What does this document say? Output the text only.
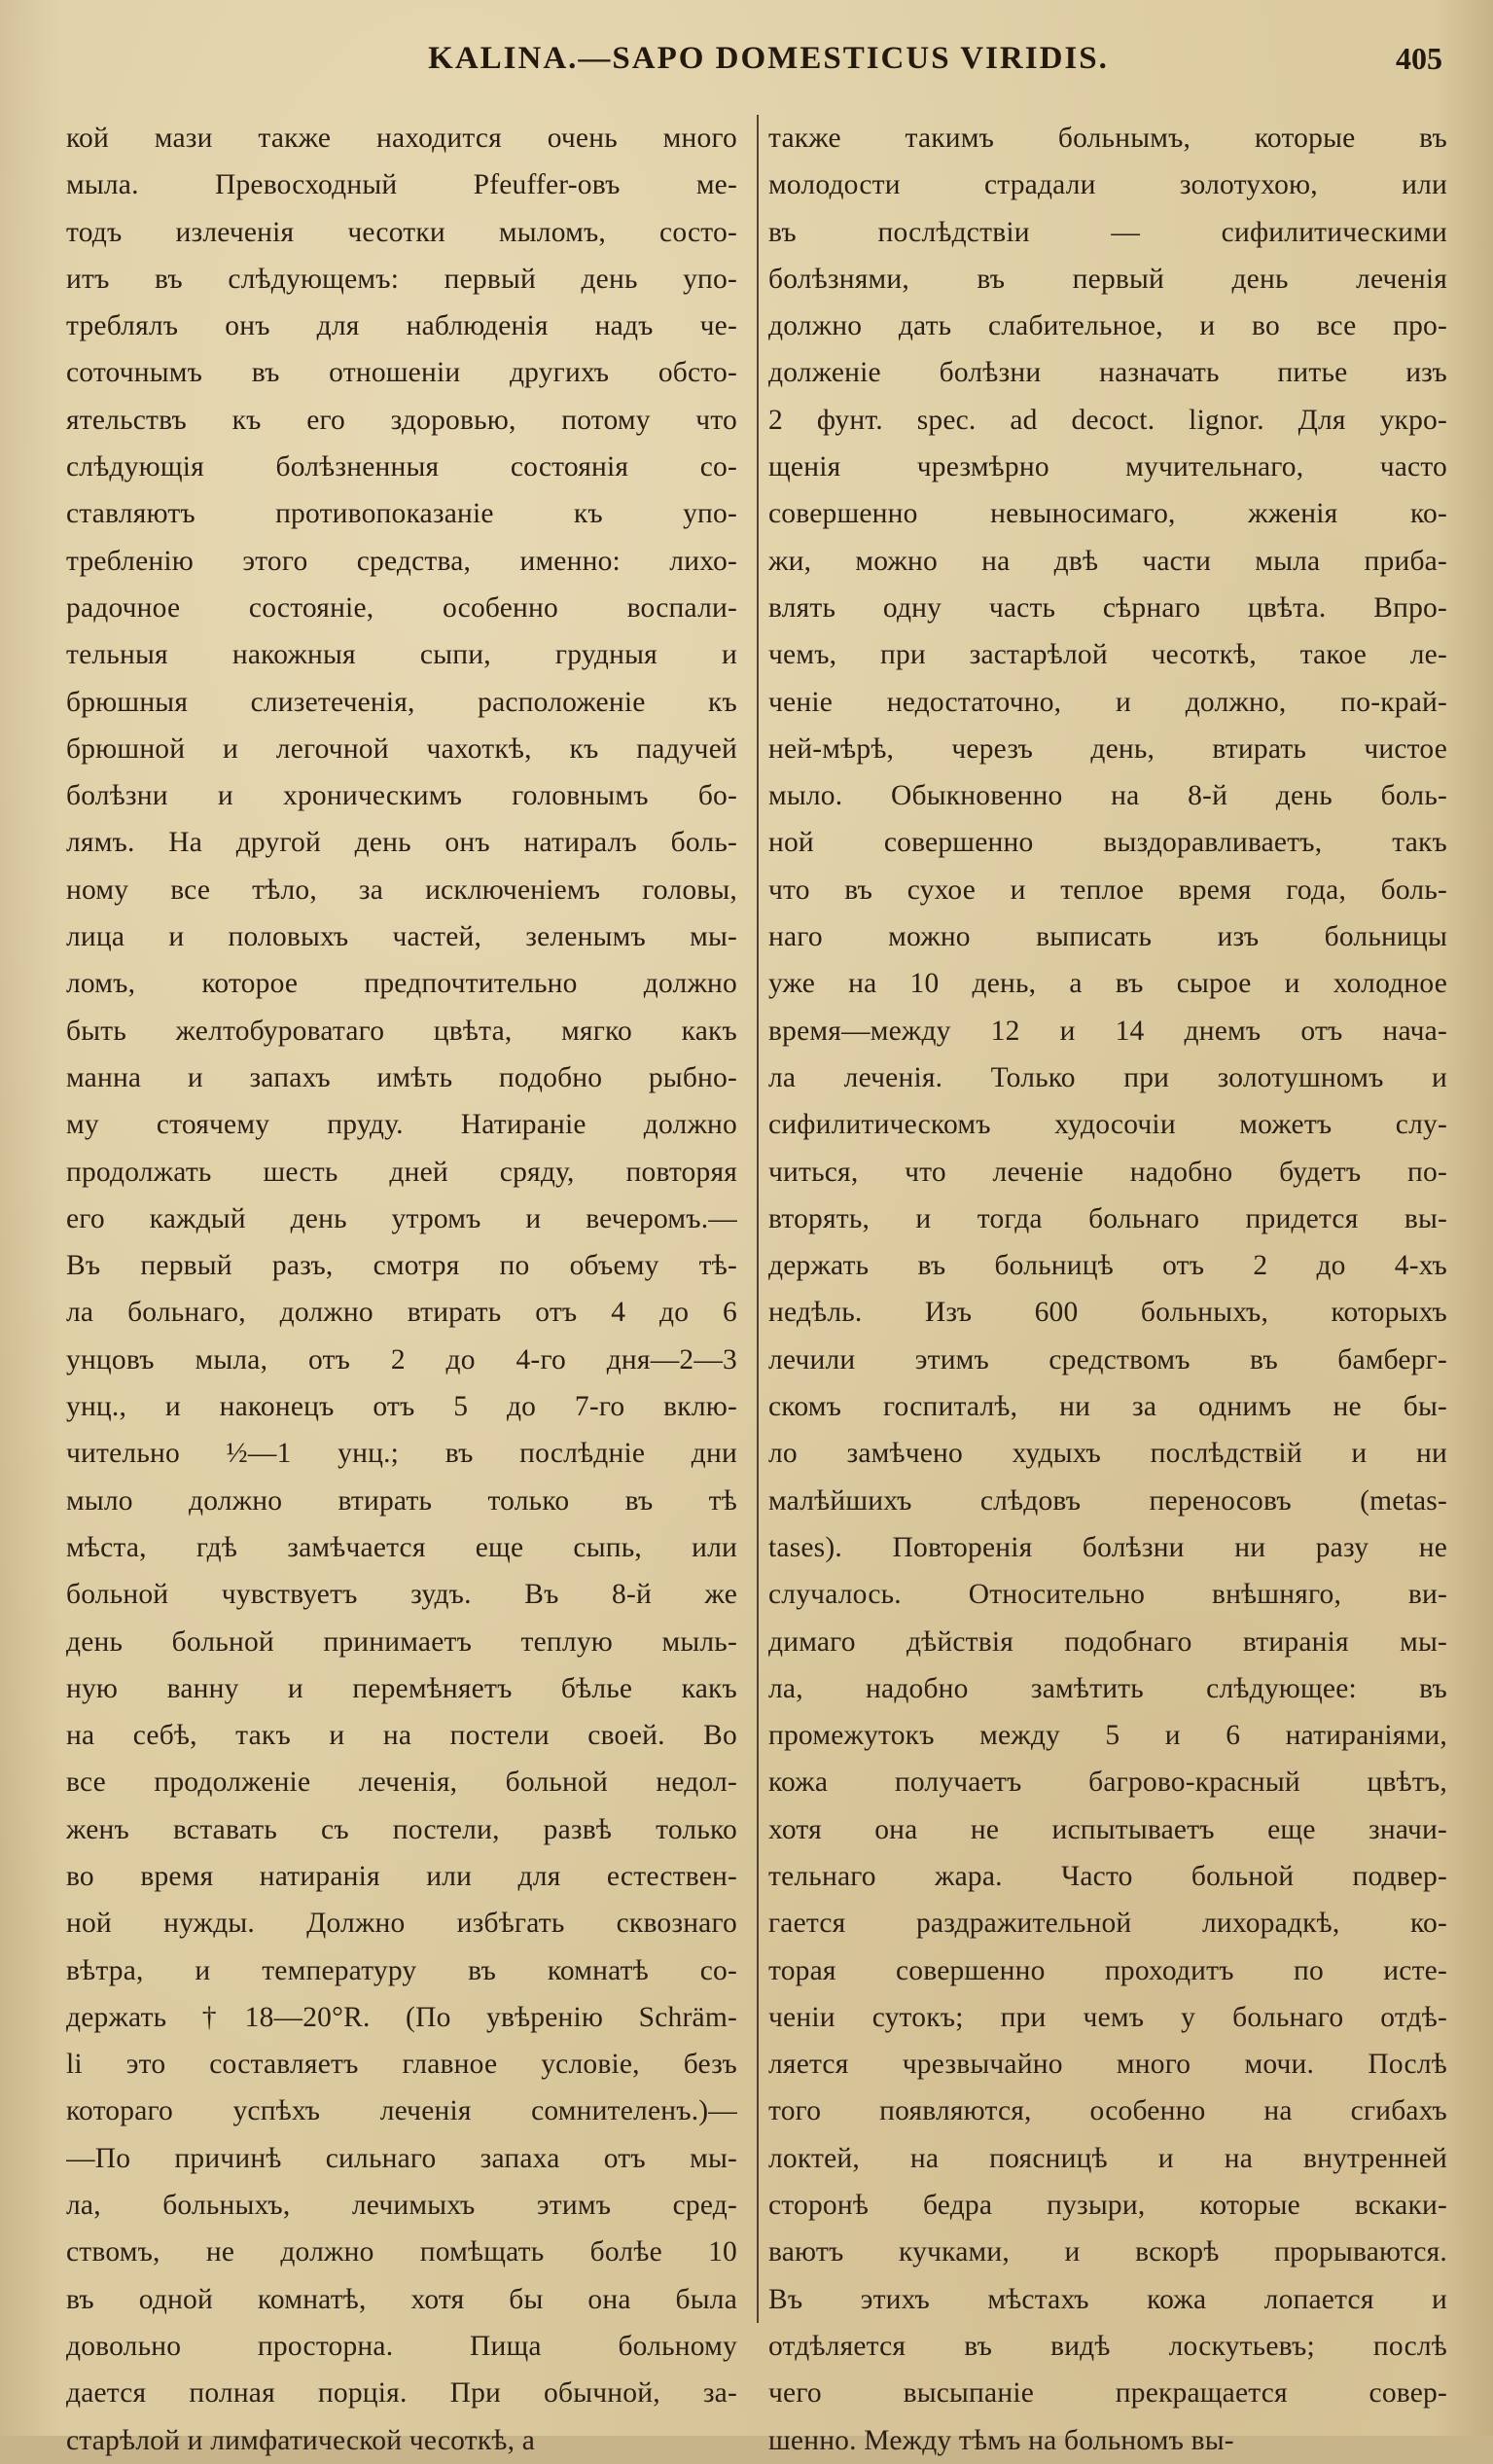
KALINA.—SAPO DOMESTICUS VIRIDIS.	405
кой мази также находится очень много
мыла. Превосходный Pfeuffer-овъ ме-
тодъ излеченія чесотки мыломъ, состо-
итъ въ слѣдующемъ: первый день упо-
треблялъ онъ для наблюденія надъ че-
соточнымъ въ отношеніи другихъ обсто-
ятельствъ къ его здоровью, потому что
слѣдующія болѣзненныя состоянія со-
ставляютъ противопоказаніе къ упо-
требленію этого средства, именно: лихо-
радочное состояніе, особенно воспали-
тельныя накожныя сыпи, грудныя и
брюшныя слизетеченія, расположеніе къ
брюшной и легочной чахоткѣ, къ падучей
болѣзни и хроническимъ головнымъ бо-
лямъ. На другой день онъ натиралъ боль-
ному все тѣло, за исключеніемъ головы,
лица и половыхъ частей, зеленымъ мы-
ломъ, которое предпочтительно должно
быть желтобуроватаго цвѣта, мягко какъ
манна и запахъ имѣть подобно рыбно-
му стоячему пруду. Натираніе должно
продолжать шесть дней сряду, повторяя
его каждый день утромъ и вечеромъ.—
Въ первый разъ, смотря по объему тѣ-
ла больнаго, должно втирать отъ 4 до 6
унцовъ мыла, отъ 2 до 4-го дня—2—3
унц., и наконецъ отъ 5 до 7-го вклю-
чительно ½—1 унц.; въ послѣдніе дни
мыло должно втирать только въ тѣ
мѣста, гдѣ замѣчается еще сыпь, или
больной чувствуетъ зудъ. Въ 8-й же
день больной принимаетъ теплую мыль-
ную ванну и перемѣняетъ бѣлье какъ
на себѣ, такъ и на постели своей. Во
все продолженіе леченія, больной недол-
женъ вставать съ постели, развѣ только
во время натиранія или для естествен-
ной нужды. Должно избѣгать сквознаго
вѣтра, и температуру въ комнатѣ со-
держать †18—20°R. (По увѣренію Schräm-
li это составляетъ главное условіе, безъ
котораго успѣхъ леченія сомнителенъ.)—
—По причинѣ сильнаго запаха отъ мы-
ла, больныхъ, лечимыхъ этимъ сред-
ствомъ, не должно помѣщать болѣе 10
въ одной комнатѣ, хотя бы она была
довольно просторна. Пища больному
дается полная порція. При обычной, за-
старѣлой и лимфатической чесоткѣ, а
также такимъ больнымъ, которые въ
молодости страдали золотухою, или
въ послѣдствіи — сифилитическими
болѣзнями, въ первый день леченія
должно дать слабительное, и во все про-
долженіе болѣзни назначать питье изъ
2 фунт. spec. ad decoct. lignor. Для укро-
щенія чрезмѣрно мучительнаго, часто
совершенно невыносимаго, жженія ко-
жи, можно на двѣ части мыла приба-
влять одну часть сѣрнаго цвѣта. Впро-
чемъ, при застарѣлой чесоткѣ, такое ле-
ченіе недостаточно, и должно, по-край-
ней-мѣрѣ, черезъ день, втирать чистое
мыло. Обыкновенно на 8-й день боль-
ной совершенно выздоравливаетъ, такъ
что въ сухое и теплое время года, боль-
наго можно выписать изъ больницы
уже на 10 день, а въ сырое и холодное
время—между 12 и 14 днемъ отъ нача-
ла леченія. Только при золотушномъ и
сифилитическомъ худосочіи можетъ слу-
читься, что леченіе надобно будетъ по-
вторять, и тогда больнаго придется вы-
держать въ больницѣ отъ 2 до 4-хъ
недѣль. Изъ 600 больныхъ, которыхъ
лечили этимъ средствомъ въ бамберг-
скомъ госпиталѣ, ни за однимъ не бы-
ло замѣчено худыхъ послѣдствій и ни
малѣйшихъ слѣдовъ переносовъ (metas-
tases). Повторенія болѣзни ни разу не
случалось. Относительно внѣшняго, ви-
димаго дѣйствія подобнаго втиранія мы-
ла, надобно замѣтить слѣдующее: въ
промежутокъ между 5 и 6 натираніями,
кожа получаетъ багрово-красный цвѣтъ,
хотя она не испытываетъ еще значи-
тельнаго жара. Часто больной подвер-
гается раздражительной лихорадкѣ, ко-
торая совершенно проходитъ по исте-
ченіи сутокъ; при чемъ у больнаго отдѣ-
ляется чрезвычайно много мочи. Послѣ
того появляются, особенно на сгибахъ
локтей, на поясницѣ и на внутренней
сторонѣ бедра пузыри, которые вскаки-
ваютъ кучками, и вскорѣ прорываются.
Въ этихъ мѣстахъ кожа лопается и
отдѣляется въ видѣ лоскутьевъ; послѣ
чего высыпаніе прекращается совер-
шенно. Между тѣмъ на больномъ вы-
